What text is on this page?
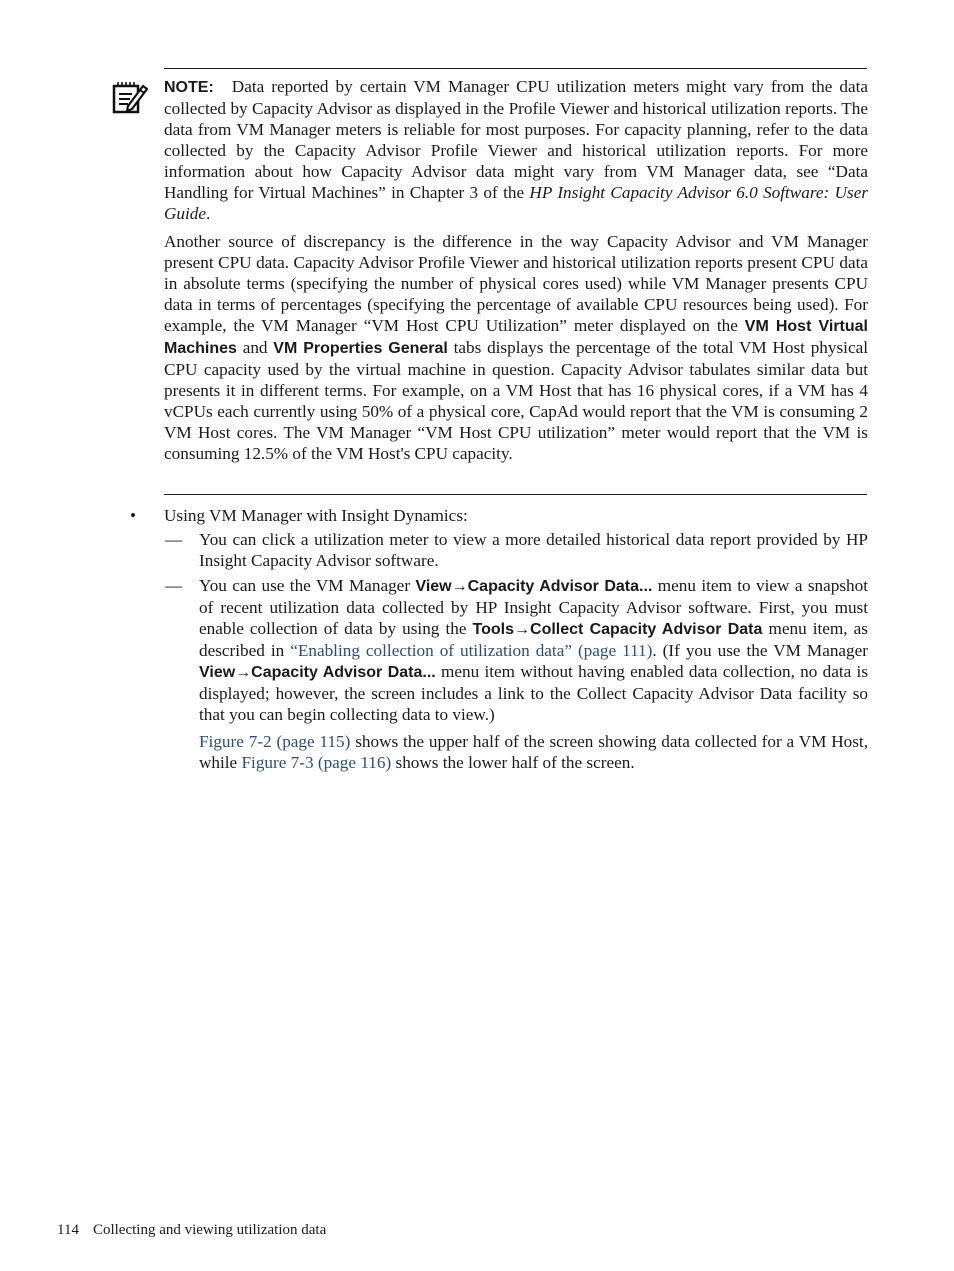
NOTE: Data reported by certain VM Manager CPU utilization meters might vary from the data collected by Capacity Advisor as displayed in the Profile Viewer and historical utilization reports. The data from VM Manager meters is reliable for most purposes. For capacity planning, refer to the data collected by the Capacity Advisor Profile Viewer and historical utilization reports. For more information about how Capacity Advisor data might vary from VM Manager data, see “Data Handling for Virtual Machines” in Chapter 3 of the HP Insight Capacity Advisor 6.0 Software: User Guide.

Another source of discrepancy is the difference in the way Capacity Advisor and VM Manager present CPU data. Capacity Advisor Profile Viewer and historical utilization reports present CPU data in absolute terms (specifying the number of physical cores used) while VM Manager presents CPU data in terms of percentages (specifying the percentage of available CPU resources being used). For example, the VM Manager “VM Host CPU Utilization” meter displayed on the VM Host Virtual Machines and VM Properties General tabs displays the percentage of the total VM Host physical CPU capacity used by the virtual machine in question. Capacity Advisor tabulates similar data but presents it in different terms. For example, on a VM Host that has 16 physical cores, if a VM has 4 vCPUs each currently using 50% of a physical core, CapAd would report that the VM is consuming 2 VM Host cores. The VM Manager “VM Host CPU utilization” meter would report that the VM is consuming 12.5% of the VM Host's CPU capacity.

• Using VM Manager with Insight Dynamics:
— You can click a utilization meter to view a more detailed historical data report provided by HP Insight Capacity Advisor software.
— You can use the VM Manager View→Capacity Advisor Data... menu item to view a snapshot of recent utilization data collected by HP Insight Capacity Advisor software. First, you must enable collection of data by using the Tools→Collect Capacity Advisor Data menu item, as described in “Enabling collection of utilization data” (page 111). (If you use the VM Manager View→Capacity Advisor Data... menu item without having enabled data collection, no data is displayed; however, the screen includes a link to the Collect Capacity Advisor Data facility so that you can begin collecting data to view.)
Figure 7-2 (page 115) shows the upper half of the screen showing data collected for a VM Host, while Figure 7-3 (page 116) shows the lower half of the screen.
114 Collecting and viewing utilization data
